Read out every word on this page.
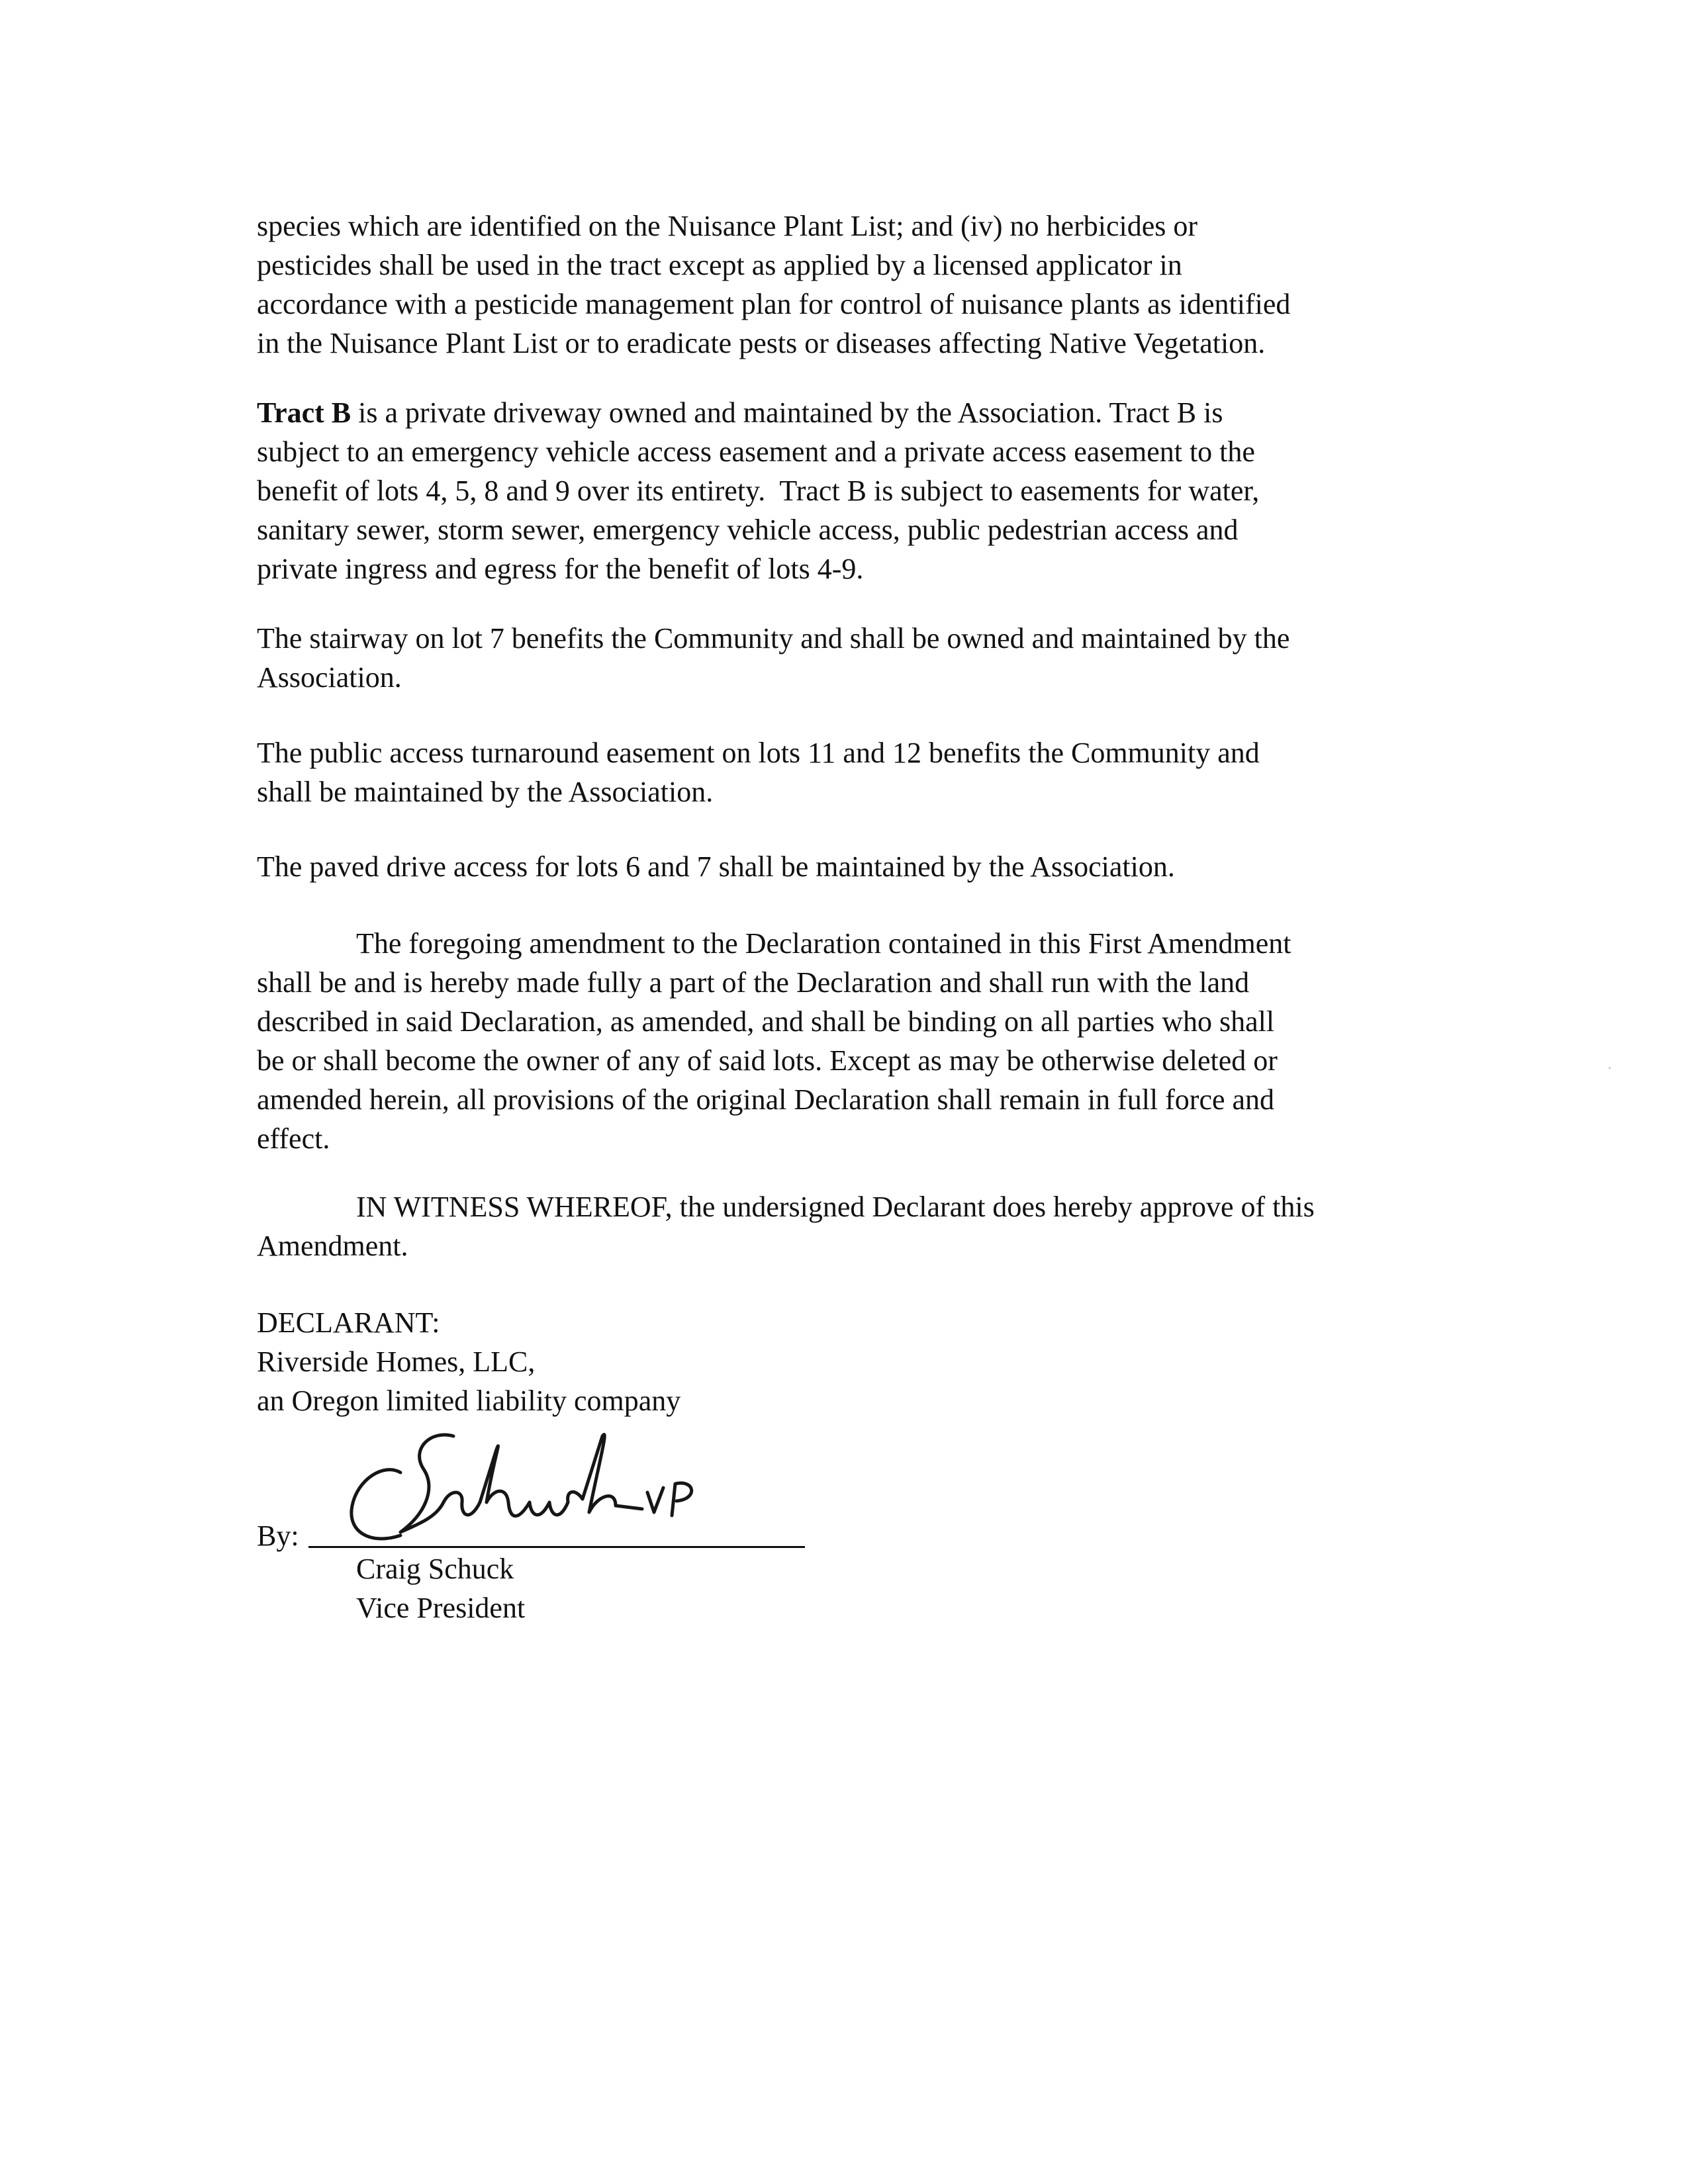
species which are identified on the Nuisance Plant List; and (iv) no herbicides or
pesticides shall be used in the tract except as applied by a licensed applicator in
accordance with a pesticide management plan for control of nuisance plants as identified
in the Nuisance Plant List or to eradicate pests or diseases affecting Native Vegetation.
Tract B is a private driveway owned and maintained by the Association. Tract B is
subject to an emergency vehicle access easement and a private access easement to the
benefit of lots 4, 5, 8 and 9 over its entirety.  Tract B is subject to easements for water,
sanitary sewer, storm sewer, emergency vehicle access, public pedestrian access and
private ingress and egress for the benefit of lots 4-9.
The stairway on lot 7 benefits the Community and shall be owned and maintained by the
Association.
The public access turnaround easement on lots 11 and 12 benefits the Community and
shall be maintained by the Association.
The paved drive access for lots 6 and 7 shall be maintained by the Association.
The foregoing amendment to the Declaration contained in this First Amendment
shall be and is hereby made fully a part of the Declaration and shall run with the land
described in said Declaration, as amended, and shall be binding on all parties who shall
be or shall become the owner of any of said lots. Except as may be otherwise deleted or
amended herein, all provisions of the original Declaration shall remain in full force and
effect.
IN WITNESS WHEREOF, the undersigned Declarant does hereby approve of this
Amendment.
DECLARANT:
Riverside Homes, LLC,
an Oregon limited liability company

By:

Craig Schuck
Vice President
